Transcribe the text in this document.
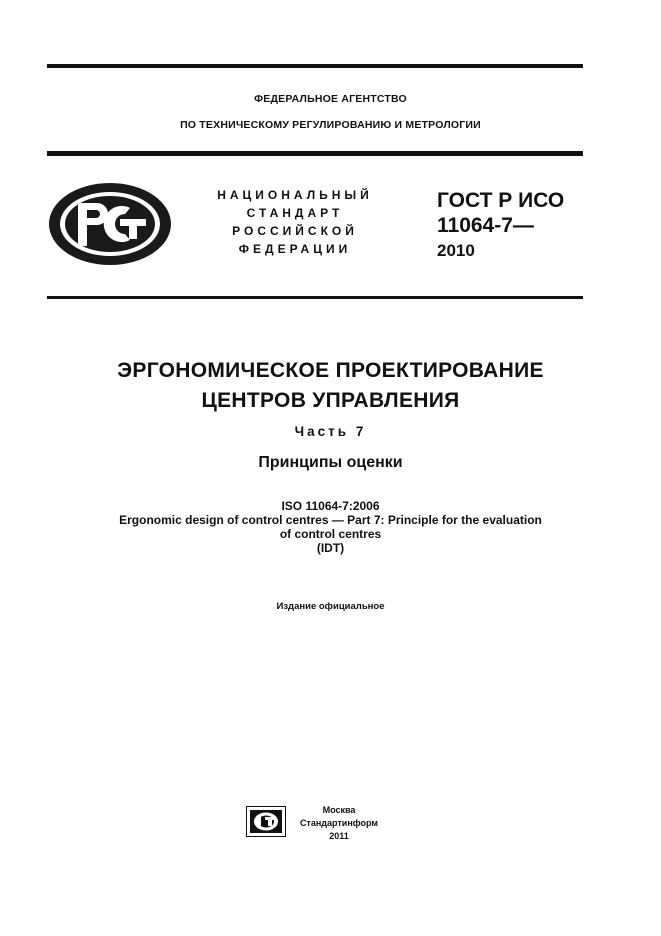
ФЕДЕРАЛЬНОЕ АГЕНТСТВО
ПО ТЕХНИЧЕСКОМУ РЕГУЛИРОВАНИЮ И МЕТРОЛОГИИ
НАЦИОНАЛЬНЫЙ
СТАНДАРТ
РОССИЙСКОЙ
ФЕДЕРАЦИИ
ГОСТ Р ИСО
11064-7—
2010
ЭРГОНОМИЧЕСКОЕ ПРОЕКТИРОВАНИЕ
ЦЕНТРОВ УПРАВЛЕНИЯ
Часть 7
Принципы оценки
ISO 11064-7:2006
Ergonomic design of control centres — Part 7: Principle for the evaluation
of control centres
(IDT)
Издание официальное
Москва
Стандартинформ
2011
